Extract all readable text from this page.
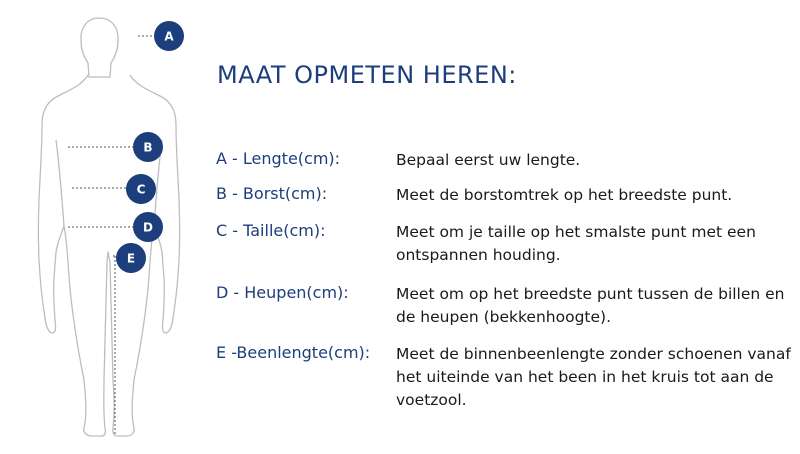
A
B
C
D
E
MAAT OPMETEN HEREN:
A - Lengte(cm):	Bepaal eerst uw lengte.
B - Borst(cm):	Meet de borstomtrek op het breedste punt.
C - Taille(cm):	Meet om je taille op het smalste punt met een ontspannen houding.
D - Heupen(cm):	Meet om op het breedste punt tussen de billen en de heupen (bekkenhoogte).
E -Beenlengte(cm): Meet de binnenbeenlengte zonder schoenen vanaf het uiteinde van het been in het kruis tot aan de voetzool.
